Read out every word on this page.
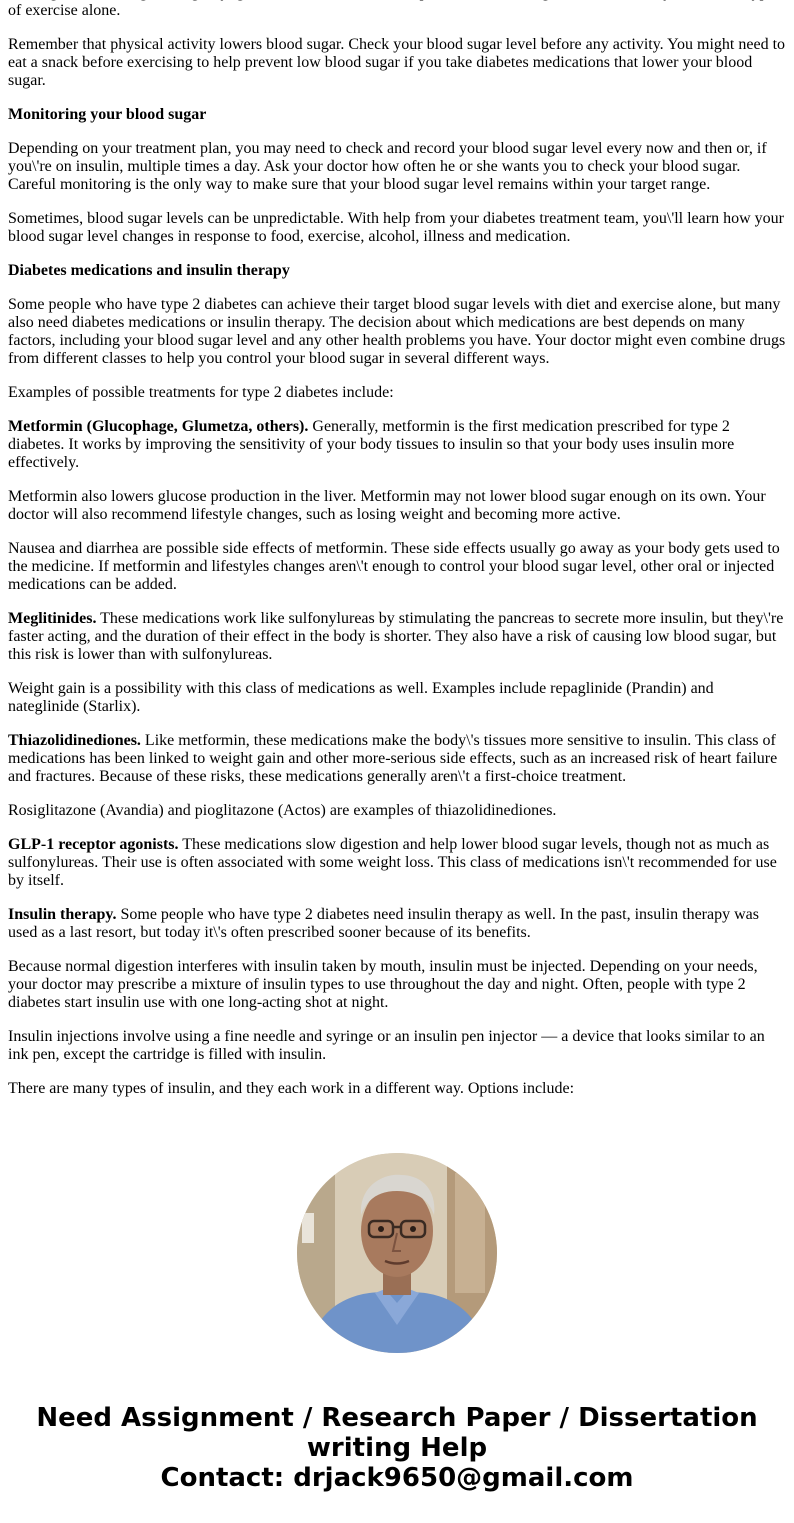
of exercise alone.

Remember that physical activity lowers blood sugar. Check your blood sugar level before any activity. You might need to eat a snack before exercising to help prevent low blood sugar if you take diabetes medications that lower your blood sugar.

Monitoring your blood sugar

Depending on your treatment plan, you may need to check and record your blood sugar level every now and then or, if you\'re on insulin, multiple times a day. Ask your doctor how often he or she wants you to check your blood sugar. Careful monitoring is the only way to make sure that your blood sugar level remains within your target range.

Sometimes, blood sugar levels can be unpredictable. With help from your diabetes treatment team, you\'ll learn how your blood sugar level changes in response to food, exercise, alcohol, illness and medication.

Diabetes medications and insulin therapy

Some people who have type 2 diabetes can achieve their target blood sugar levels with diet and exercise alone, but many also need diabetes medications or insulin therapy. The decision about which medications are best depends on many factors, including your blood sugar level and any other health problems you have. Your doctor might even combine drugs from different classes to help you control your blood sugar in several different ways.

Examples of possible treatments for type 2 diabetes include:

Metformin (Glucophage, Glumetza, others). Generally, metformin is the first medication prescribed for type 2 diabetes. It works by improving the sensitivity of your body tissues to insulin so that your body uses insulin more effectively.

Metformin also lowers glucose production in the liver. Metformin may not lower blood sugar enough on its own. Your doctor will also recommend lifestyle changes, such as losing weight and becoming more active.

Nausea and diarrhea are possible side effects of metformin. These side effects usually go away as your body gets used to the medicine. If metformin and lifestyles changes aren\'t enough to control your blood sugar level, other oral or injected medications can be added.

Meglitinides. These medications work like sulfonylureas by stimulating the pancreas to secrete more insulin, but they\'re faster acting, and the duration of their effect in the body is shorter. They also have a risk of causing low blood sugar, but this risk is lower than with sulfonylureas.

Weight gain is a possibility with this class of medications as well. Examples include repaglinide (Prandin) and nateglinide (Starlix).

Thiazolidinediones. Like metformin, these medications make the body\'s tissues more sensitive to insulin. This class of medications has been linked to weight gain and other more-serious side effects, such as an increased risk of heart failure and fractures. Because of these risks, these medications generally aren\'t a first-choice treatment.

Rosiglitazone (Avandia) and pioglitazone (Actos) are examples of thiazolidinediones.

GLP-1 receptor agonists. These medications slow digestion and help lower blood sugar levels, though not as much as sulfonylureas. Their use is often associated with some weight loss. This class of medications isn\'t recommended for use by itself.

Insulin therapy. Some people who have type 2 diabetes need insulin therapy as well. In the past, insulin therapy was used as a last resort, but today it\'s often prescribed sooner because of its benefits.

Because normal digestion interferes with insulin taken by mouth, insulin must be injected. Depending on your needs, your doctor may prescribe a mixture of insulin types to use throughout the day and night. Often, people with type 2 diabetes start insulin use with one long-acting shot at night.

Insulin injections involve using a fine needle and syringe or an insulin pen injector — a device that looks similar to an ink pen, except the cartridge is filled with insulin.

There are many types of insulin, and they each work in a different way. Options include:

Need Assignment / Research Paper / Dissertation
writing Help
Contact: drjack9650@gmail.com
